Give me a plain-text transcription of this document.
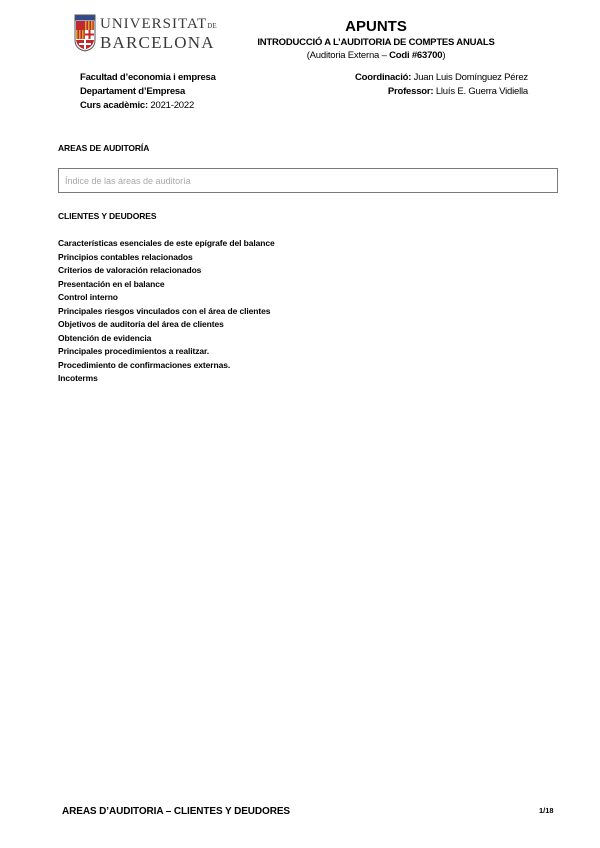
UNIVERSITATDE
BARCELONA
APUNTS
INTRODUCCIÓ A L’AUDITORIA DE COMPTES ANUALS
(Auditoria Externa – Codi #63700)
Facultad d’economia i empresa
Departament d’Empresa
Curs acadèmic: 2021-2022
Coordinació: Juan Luis Domínguez Pérez
Professor: Lluís E. Guerra Vidiella
AREAS DE AUDITORÍA
Índice de las áreas de auditoría
CLIENTES Y DEUDORES
Características esenciales de este epígrafe del balance
Principios contables relacionados
Criterios de valoración relacionados
Presentación en el balance
Control interno
Principales riesgos vinculados con el área de clientes
Objetivos de auditoría del área de clientes
Obtención de evidencia
Principales procedimientos a realitzar.
Procedimiento de confirmaciones externas.
Incoterms
AREAS D’AUDITORIA – CLIENTES Y DEUDORES	1/18
